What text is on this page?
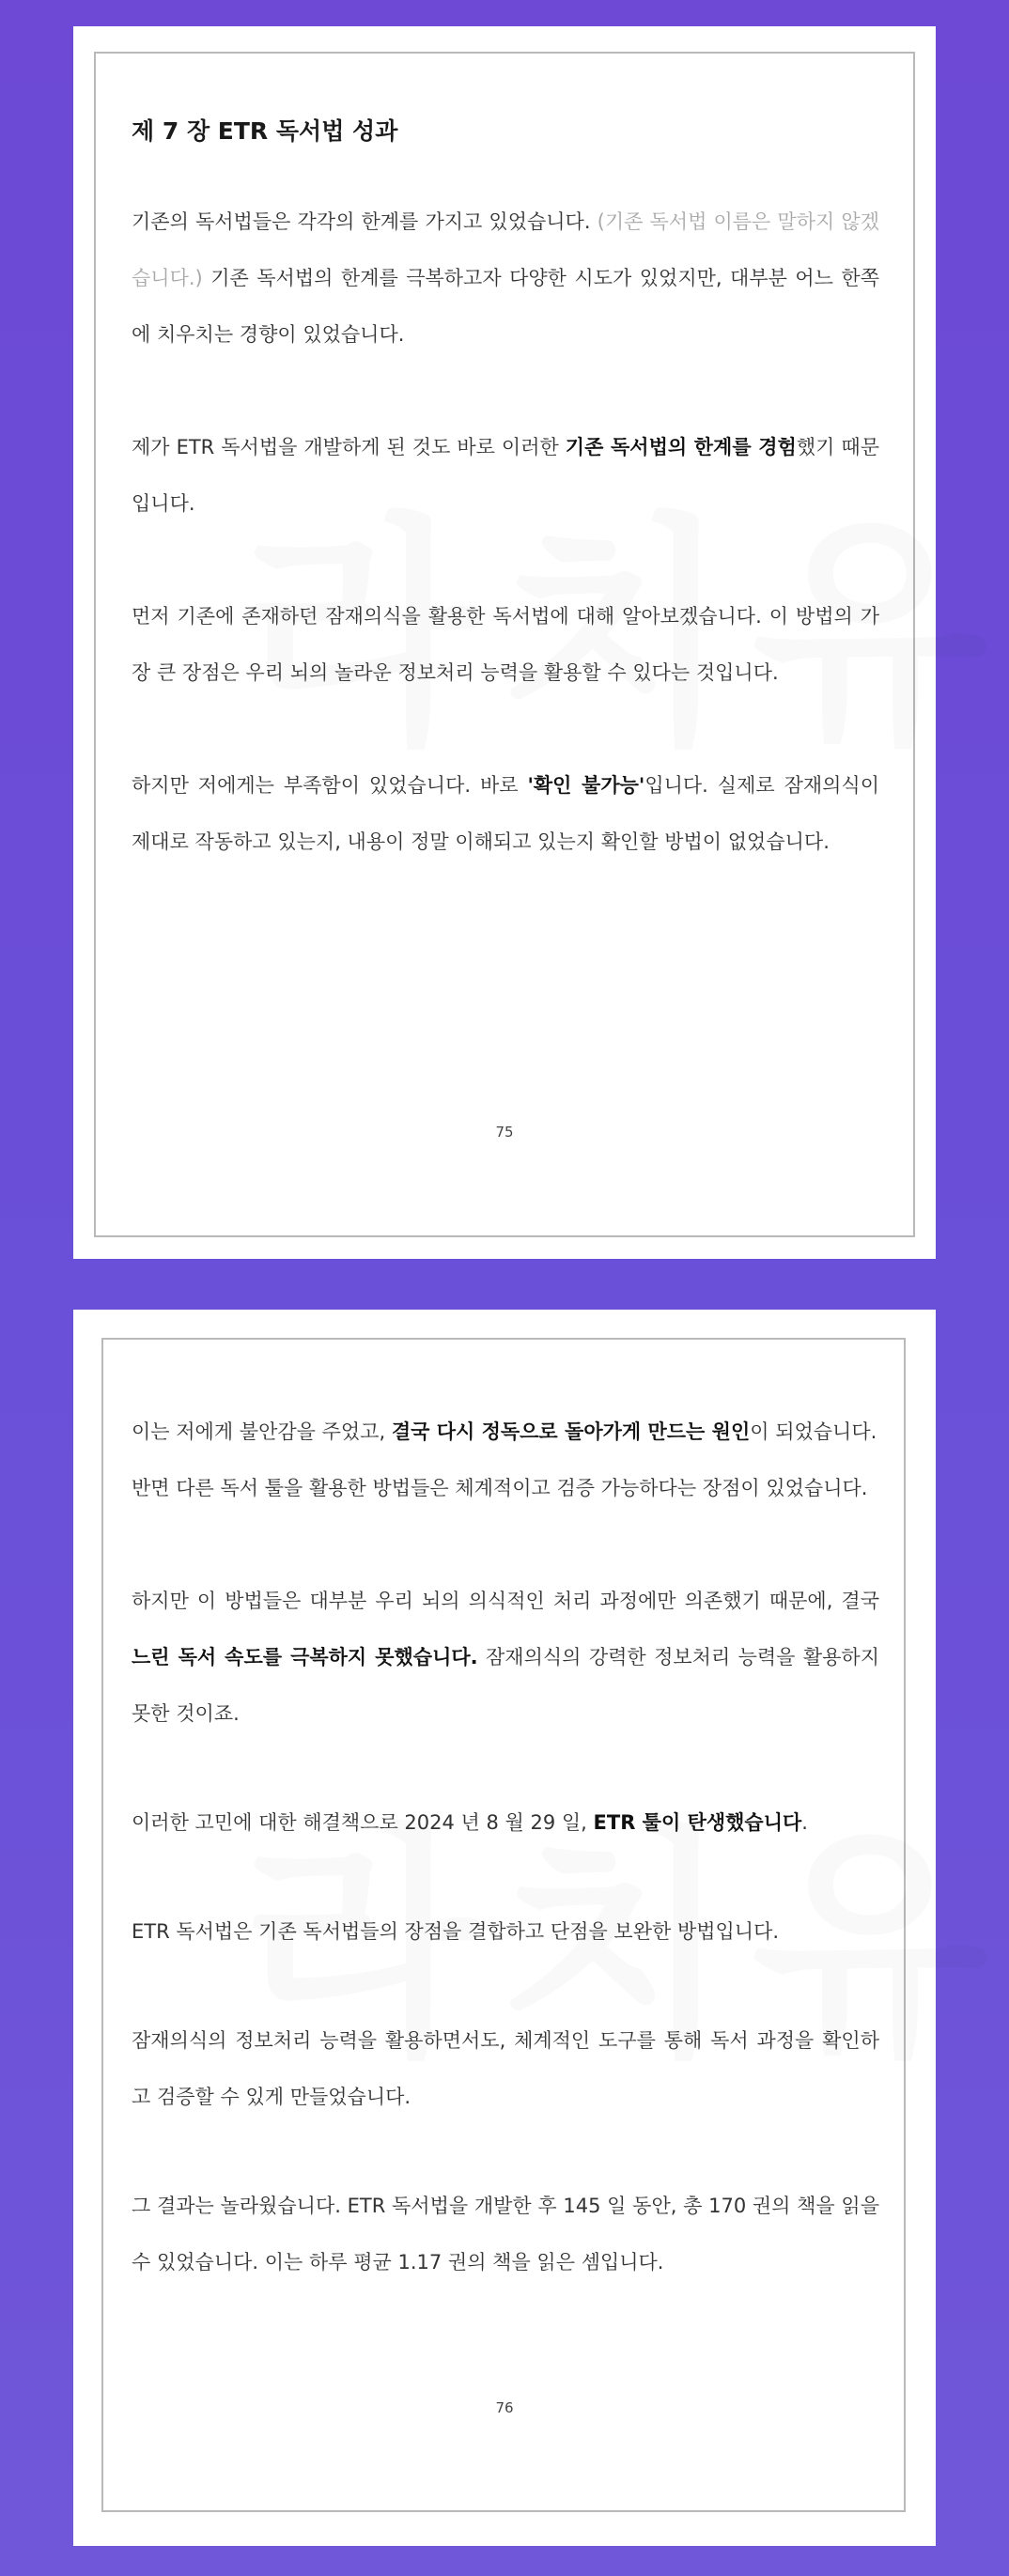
제 7 장 ETR 독서법 성과

기존의 독서법들은 각각의 한계를 가지고 있었습니다. (기존 독서법 이름은 말하지 않겠습니다.) 기존 독서법의 한계를 극복하고자 다양한 시도가 있었지만, 대부분 어느 한쪽에 치우치는 경향이 있었습니다.

제가 ETR 독서법을 개발하게 된 것도 바로 이러한 기존 독서법의 한계를 경험했기 때문입니다.

먼저 기존에 존재하던 잠재의식을 활용한 독서법에 대해 알아보겠습니다. 이 방법의 가장 큰 장점은 우리 뇌의 놀라운 정보처리 능력을 활용할 수 있다는 것입니다.

하지만 저에게는 부족함이 있었습니다. 바로 '확인 불가능'입니다. 실제로 잠재의식이 제대로 작동하고 있는지, 내용이 정말 이해되고 있는지 확인할 방법이 없었습니다.

75

이는 저에게 불안감을 주었고, 결국 다시 정독으로 돌아가게 만드는 원인이 되었습니다.

반면 다른 독서 툴을 활용한 방법들은 체계적이고 검증 가능하다는 장점이 있었습니다.

하지만 이 방법들은 대부분 우리 뇌의 의식적인 처리 과정에만 의존했기 때문에, 결국 느린 독서 속도를 극복하지 못했습니다. 잠재의식의 강력한 정보처리 능력을 활용하지 못한 것이죠.

이러한 고민에 대한 해결책으로 2024 년 8 월 29 일, ETR 툴이 탄생했습니다.

ETR 독서법은 기존 독서법들의 장점을 결합하고 단점을 보완한 방법입니다.

잠재의식의 정보처리 능력을 활용하면서도, 체계적인 도구를 통해 독서 과정을 확인하고 검증할 수 있게 만들었습니다.

그 결과는 놀라웠습니다. ETR 독서법을 개발한 후 145 일 동안, 총 170 권의 책을 읽을 수 있었습니다. 이는 하루 평균 1.17 권의 책을 읽은 셈입니다.

76
